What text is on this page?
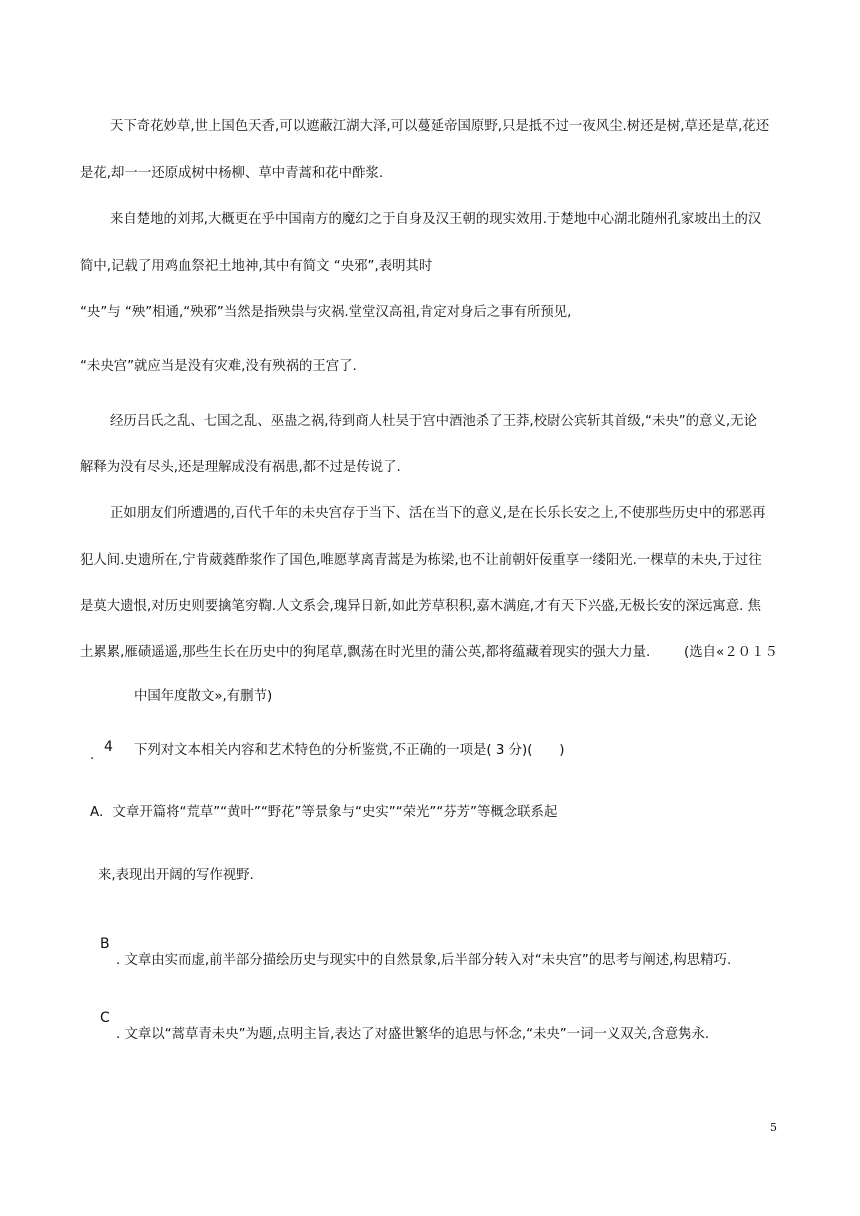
天下奇花妙草,世上国色天香,可以遮蔽江湖大泽,可以蔓延帝国原野,只是抵不过一夜风尘.树还是树,草还是草,花还
是花,却一一还原成树中杨柳、草中青蒿和花中酢浆.
来自楚地的刘邦,大概更在乎中国南方的魔幻之于自身及汉王朝的现实效用.于楚地中心湖北随州孔家坡出土的汉
简中,记载了用鸡血祭祀土地神,其中有简文 “央邪”,表明其时
“央”与 “殃”相通,“殃邪”当然是指殃祟与灾祸.堂堂汉高祖,肯定对身后之事有所预见,
“未央宫”就应当是没有灾难,没有殃祸的王宫了.
经历吕氏之乱、七国之乱、巫蛊之祸,待到商人杜吴于宫中酒池杀了王莽,校尉公宾斩其首级,“未央”的意义,无论
解释为没有尽头,还是理解成没有祸患,都不过是传说了.
正如朋友们所遭遇的,百代千年的未央宫存于当下、活在当下的意义,是在长乐长安之上,不使那些历史中的邪恶再
犯人间.史遗所在,宁肯葳蕤酢浆作了国色,唯愿莩离青蒿是为栋梁,也不让前朝奸佞重享一缕阳光.一棵草的未央,于过往
是莫大遗恨,对历史则要擒笔穷鞫.人文系会,瑰异日新,如此芳草积积,嘉木满庭,才有天下兴盛,无极长安的深远寓意. 焦
土累累,雁碛遥遥,那些生长在历史中的狗尾草,飘荡在时光里的蒲公英,都将蕴藏着现实的强大力量.	(选自«２０１５
中国年度散文»,有删节)
4
.	下列对文本相关内容和艺术特色的分析鉴赏,不正确的一项是( 3 分)(　　)
A．文章开篇将“荒草”“黄叶”“野花”等景象与“史实”“荣光”“芬芳”等概念联系起
来,表现出开阔的写作视野.
B
. 文章由实而虚,前半部分描绘历史与现实中的自然景象,后半部分转入对“未央宫”的思考与阐述,构思精巧.
C
. 文章以“蒿草青未央”为题,点明主旨,表达了对盛世繁华的追思与怀念,“未央”一词一义双关,含意隽永.
5
